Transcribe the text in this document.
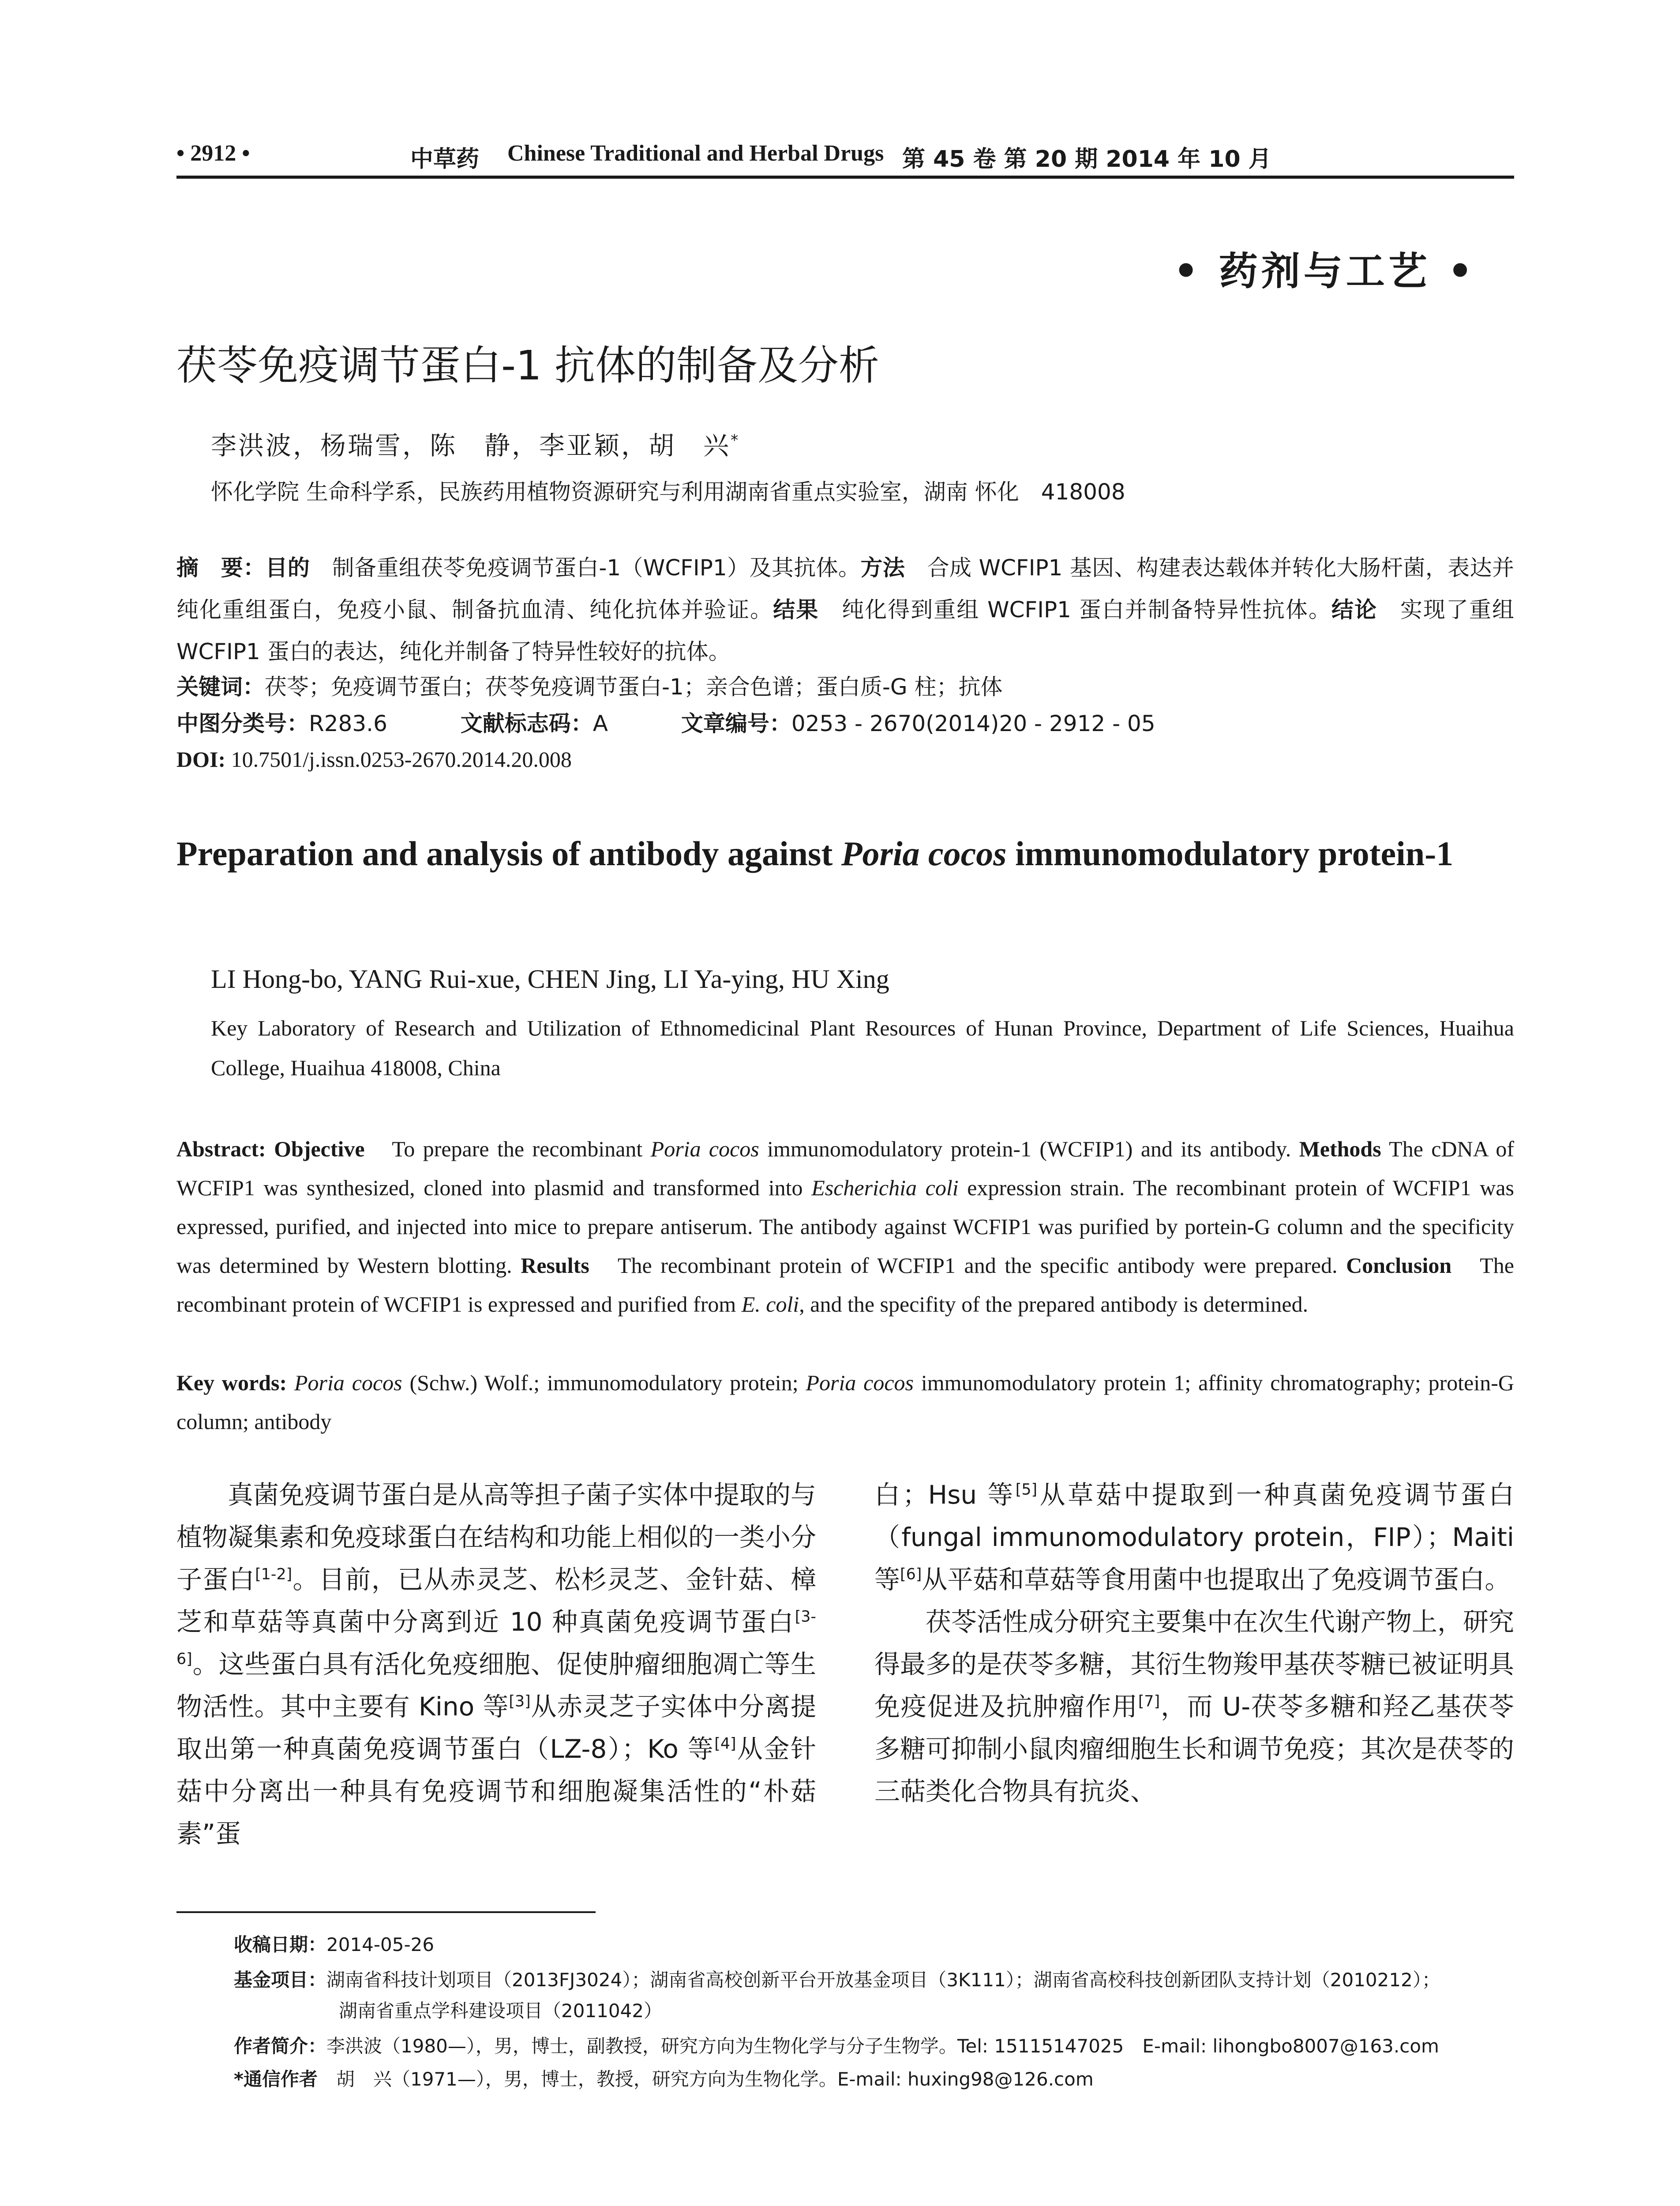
• 2912 •	中草药 Chinese Traditional and Herbal Drugs 第 45 卷 第 20 期 2014 年 10 月
• 药剂与工艺 •
茯苓免疫调节蛋白-1 抗体的制备及分析
李洪波，杨瑞雪，陈　静，李亚颖，胡　兴*
怀化学院 生命科学系，民族药用植物资源研究与利用湖南省重点实验室，湖南 怀化　418008
摘　要：目的　制备重组茯苓免疫调节蛋白-1（WCFIP1）及其抗体。方法　合成 WCFIP1 基因、构建表达载体并转化大肠杆菌，表达并纯化重组蛋白，免疫小鼠、制备抗血清、纯化抗体并验证。结果　纯化得到重组 WCFIP1 蛋白并制备特异性抗体。结论　实现了重组 WCFIP1 蛋白的表达，纯化并制备了特异性较好的抗体。
关键词：茯苓；免疫调节蛋白；茯苓免疫调节蛋白-1；亲合色谱；蛋白质-G 柱；抗体
中图分类号：R283.6	文献标志码：A	文章编号：0253 - 2670(2014)20 - 2912 - 05
DOI: 10.7501/j.issn.0253-2670.2014.20.008
Preparation and analysis of antibody against Poria cocos immunomodulatory protein-1
LI Hong-bo, YANG Rui-xue, CHEN Jing, LI Ya-ying, HU Xing
Key Laboratory of Research and Utilization of Ethnomedicinal Plant Resources of Hunan Province, Department of Life Sciences, Huaihua College, Huaihua 418008, China
Abstract: Objective　To prepare the recombinant Poria cocos immunomodulatory protein-1 (WCFIP1) and its antibody. Methods The cDNA of WCFIP1 was synthesized, cloned into plasmid and transformed into Escherichia coli expression strain. The recombinant protein of WCFIP1 was expressed, purified, and injected into mice to prepare antiserum. The antibody against WCFIP1 was purified by portein-G column and the specificity was determined by Western blotting. Results　The recombinant protein of WCFIP1 and the specific antibody were prepared. Conclusion　The recombinant protein of WCFIP1 is expressed and purified from E. coli, and the specifity of the prepared antibody is determined.
Key words: Poria cocos (Schw.) Wolf.; immunomodulatory protein; Poria cocos immunomodulatory protein 1; affinity chromatography; protein-G column; antibody

真菌免疫调节蛋白是从高等担子菌子实体中提取的与植物凝集素和免疫球蛋白在结构和功能上相似的一类小分子蛋白[1-2]。目前，已从赤灵芝、松杉灵芝、金针菇、樟芝和草菇等真菌中分离到近 10 种真菌免疫调节蛋白[3-6]。这些蛋白具有活化免疫细胞、促使肿瘤细胞凋亡等生物活性。其中主要有 Kino 等[3]从赤灵芝子实体中分离提取出第一种真菌免疫调节蛋白（LZ-8）；Ko 等[4]从金针菇中分离出一种具有免疫调节和细胞凝集活性的“朴菇素”蛋

白；Hsu 等[5]从草菇中提取到一种真菌免疫调节蛋白（fungal immunomodulatory protein，FIP）；Maiti 等[6]从平菇和草菇等食用菌中也提取出了免疫调节蛋白。

茯苓活性成分研究主要集中在次生代谢产物上，研究得最多的是茯苓多糖，其衍生物羧甲基茯苓糖已被证明具免疫促进及抗肿瘤作用[7]，而 U-茯苓多糖和羟乙基茯苓多糖可抑制小鼠肉瘤细胞生长和调节免疫；其次是茯苓的三萜类化合物具有抗炎、

收稿日期：2014-05-26
基金项目：湖南省科技计划项目（2013FJ3024）；湖南省高校创新平台开放基金项目（3K111）；湖南省高校科技创新团队支持计划（2010212）；
湖南省重点学科建设项目（2011042）
作者简介：李洪波（1980—），男，博士，副教授，研究方向为生物化学与分子生物学。Tel: 15115147025　E-mail: lihongbo8007@163.com
*通信作者　胡　兴（1971—），男，博士，教授，研究方向为生物化学。E-mail: huxing98@126.com
